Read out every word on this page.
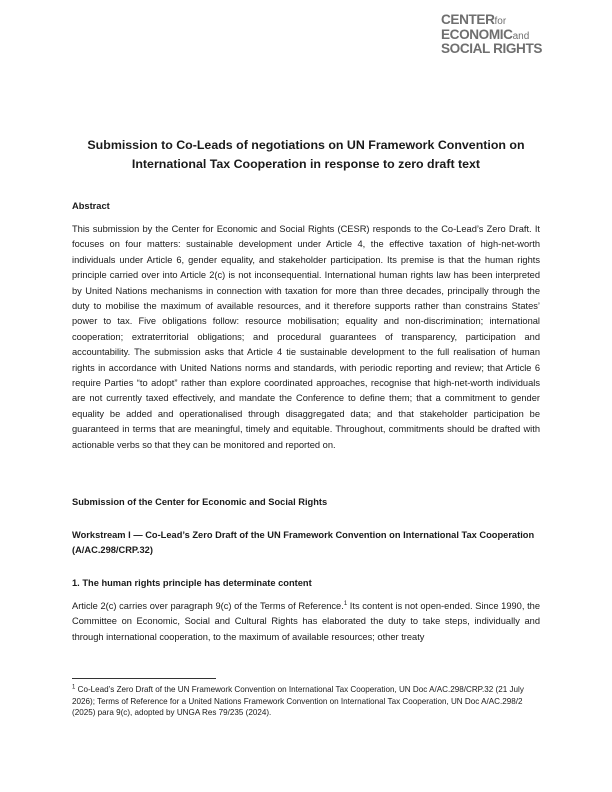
CENTERfor
ECONOMICand
SOCIAL RIGHTS
Submission to Co-Leads of negotiations on UN Framework Convention on International Tax Cooperation in response to zero draft text
Abstract
This submission by the Center for Economic and Social Rights (CESR) responds to the Co-Lead’s Zero Draft. It focuses on four matters: sustainable development under Article 4, the effective taxation of high-net-worth individuals under Article 6, gender equality, and stakeholder participation. Its premise is that the human rights principle carried over into Article 2(c) is not inconsequential. International human rights law has been interpreted by United Nations mechanisms in connection with taxation for more than three decades, principally through the duty to mobilise the maximum of available resources, and it therefore supports rather than constrains States’ power to tax. Five obligations follow: resource mobilisation; equality and non-discrimination; international cooperation; extraterritorial obligations; and procedural guarantees of transparency, participation and accountability. The submission asks that Article 4 tie sustainable development to the full realisation of human rights in accordance with United Nations norms and standards, with periodic reporting and review; that Article 6 require Parties “to adopt” rather than explore coordinated approaches, recognise that high-net-worth individuals are not currently taxed effectively, and mandate the Conference to define them; that a commitment to gender equality be added and operationalised through disaggregated data; and that stakeholder participation be guaranteed in terms that are meaningful, timely and equitable. Throughout, commitments should be drafted with actionable verbs so that they can be monitored and reported on.
Submission of the Center for Economic and Social Rights
Workstream I — Co-Lead’s Zero Draft of the UN Framework Convention on International Tax Cooperation (A/AC.298/CRP.32)
1. The human rights principle has determinate content
Article 2(c) carries over paragraph 9(c) of the Terms of Reference.$^1$ Its content is not open-ended. Since 1990, the Committee on Economic, Social and Cultural Rights has elaborated the duty to take steps, individually and through international cooperation, to the maximum of available resources; other treaty
$^1$ Co-Lead’s Zero Draft of the UN Framework Convention on International Tax Cooperation, UN Doc A/AC.298/CRP.32 (21 July 2026); Terms of Reference for a United Nations Framework Convention on International Tax Cooperation, UN Doc A/AC.298/2 (2025) para 9(c), adopted by UNGA Res 79/235 (2024).
